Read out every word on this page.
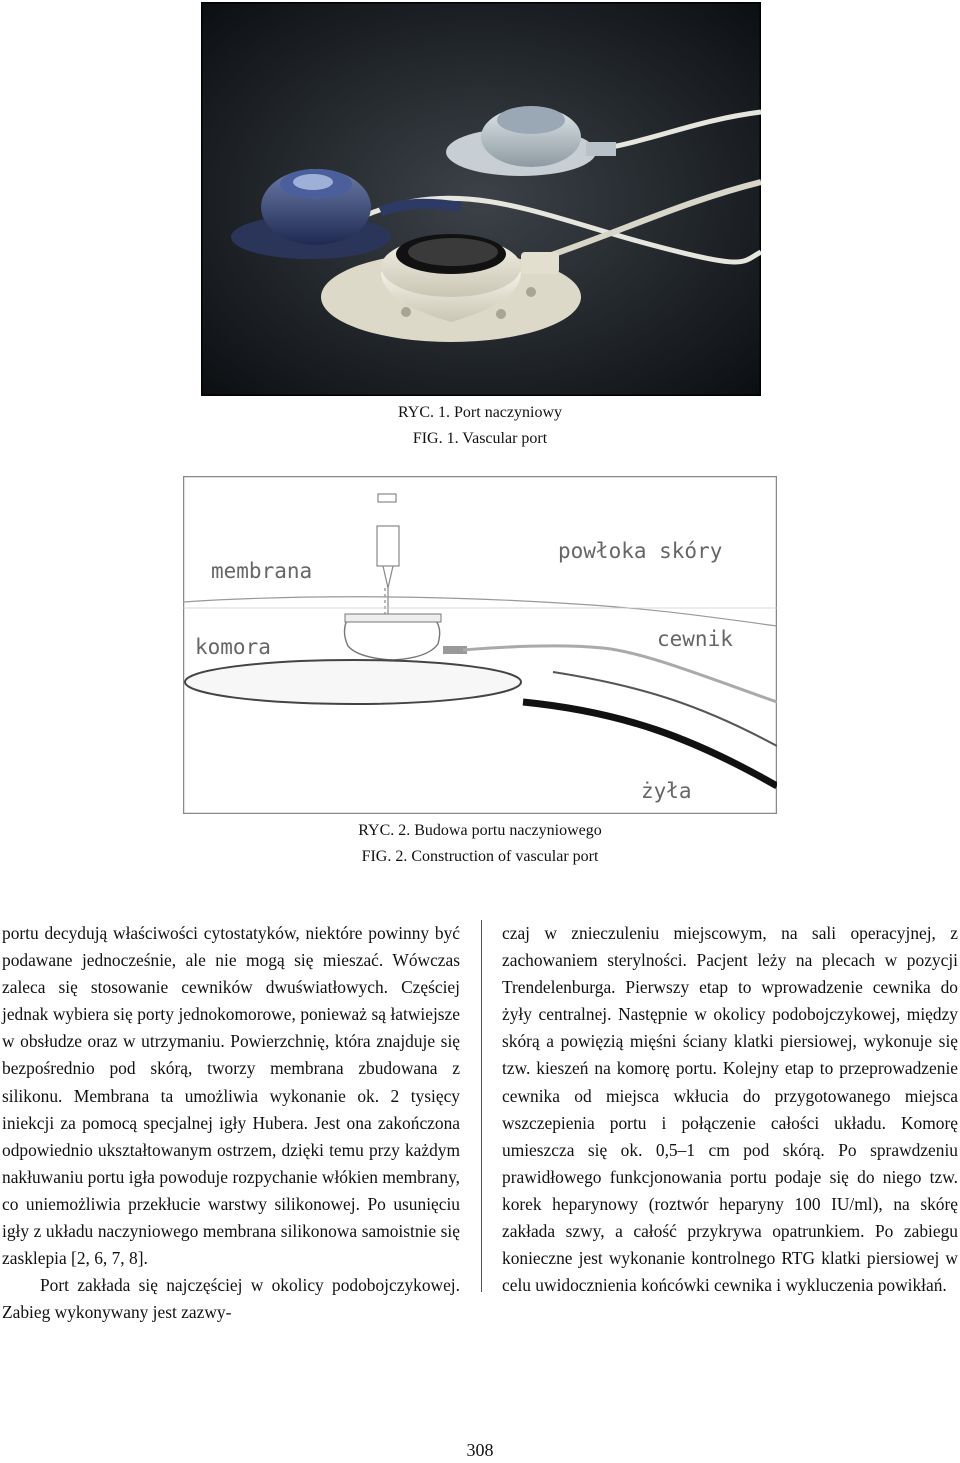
RYC. 1. Port naczyniowy
FIG. 1. Vascular port
membrana
powłoka skóry
komora	cewnik
żyła
RYC. 2. Budowa portu naczyniowego
FIG. 2. Construction of vascular port

portu decydują właściwości cytostatyków, niektóre powinny być podawane jednocześnie, ale nie mogą się mieszać. Wówczas zaleca się stosowanie cewników dwuświatłowych. Częściej jednak wybiera się porty jednokomorowe, ponieważ są łatwiejsze w obsłudze oraz w utrzymaniu. Powierzchnię, która znajduje się bezpośrednio pod skórą, tworzy membrana zbudowana z silikonu. Membrana ta umożliwia wykonanie ok. 2 tysięcy iniekcji za pomocą specjalnej igły Hubera. Jest ona zakończona odpowiednio ukształtowanym ostrzem, dzięki temu przy każdym nakłuwaniu portu igła powoduje rozpychanie włókien membrany, co uniemożliwia przekłucie warstwy silikonowej. Po usunięciu igły z układu naczyniowego membrana silikonowa samoistnie się zasklepia [2, 6, 7, 8].

Port zakłada się najczęściej w okolicy podobojczykowej. Zabieg wykonywany jest zazwy-

czaj w znieczuleniu miejscowym, na sali operacyjnej, z zachowaniem sterylności. Pacjent leży na plecach w pozycji Trendelenburga. Pierwszy etap to wprowadzenie cewnika do żyły centralnej. Następnie w okolicy podobojczykowej, między skórą a powięzią mięśni ściany klatki piersiowej, wykonuje się tzw. kieszeń na komorę portu. Kolejny etap to przeprowadzenie cewnika od miejsca wkłucia do przygotowanego miejsca wszczepienia portu i połączenie całości układu. Komorę umieszcza się ok. 0,5–1 cm pod skórą. Po sprawdzeniu prawidłowego funkcjonowania portu podaje się do niego tzw. korek heparynowy (roztwór heparyny 100 IU/ml), na skórę zakłada szwy, a całość przykrywa opatrunkiem. Po zabiegu konieczne jest wykonanie kontrolnego RTG klatki piersiowej w celu uwidocznienia końcówki cewnika i wykluczenia powikłań.

308
